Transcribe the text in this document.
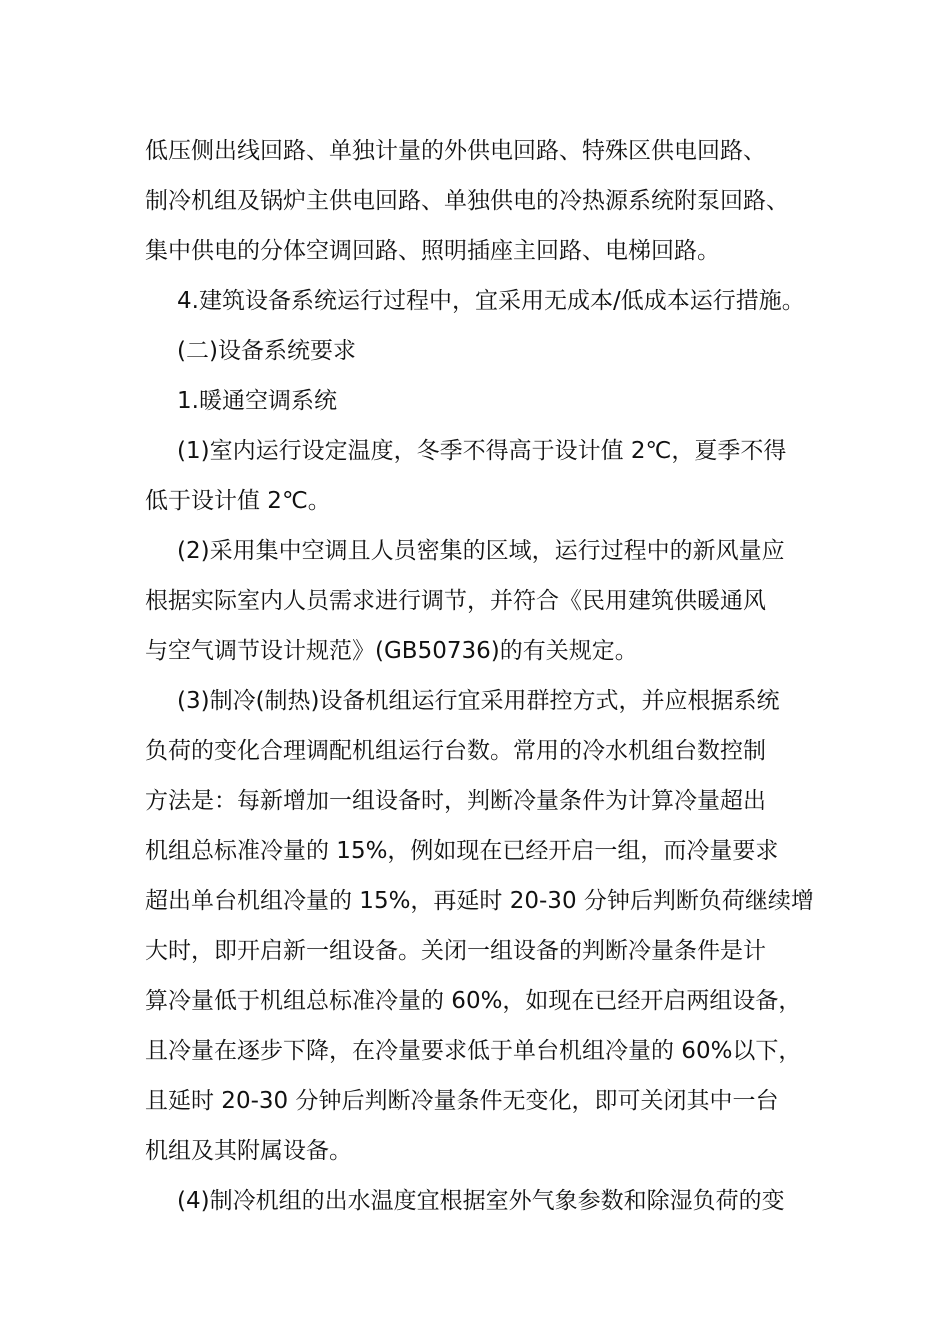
低压侧出线回路、单独计量的外供电回路、特殊区供电回路、
制冷机组及锅炉主供电回路、单独供电的冷热源系统附泵回路、
集中供电的分体空调回路、照明插座主回路、电梯回路。
4.建筑设备系统运行过程中，宜采用无成本/低成本运行措施。
(二)设备系统要求
1.暖通空调系统
(1)室内运行设定温度，冬季不得高于设计值 2℃，夏季不得
低于设计值 2℃。
(2)采用集中空调且人员密集的区域，运行过程中的新风量应
根据实际室内人员需求进行调节，并符合《民用建筑供暖通风
与空气调节设计规范》(GB50736)的有关规定。
(3)制冷(制热)设备机组运行宜采用群控方式，并应根据系统
负荷的变化合理调配机组运行台数。常用的冷水机组台数控制
方法是：每新增加一组设备时，判断冷量条件为计算冷量超出
机组总标准冷量的 15%，例如现在已经开启一组，而冷量要求
超出单台机组冷量的 15%，再延时 20-30 分钟后判断负荷继续增
大时，即开启新一组设备。关闭一组设备的判断冷量条件是计
算冷量低于机组总标准冷量的 60%，如现在已经开启两组设备，
且冷量在逐步下降，在冷量要求低于单台机组冷量的 60%以下，
且延时 20-30 分钟后判断冷量条件无变化，即可关闭其中一台
机组及其附属设备。
(4)制冷机组的出水温度宜根据室外气象参数和除湿负荷的变
